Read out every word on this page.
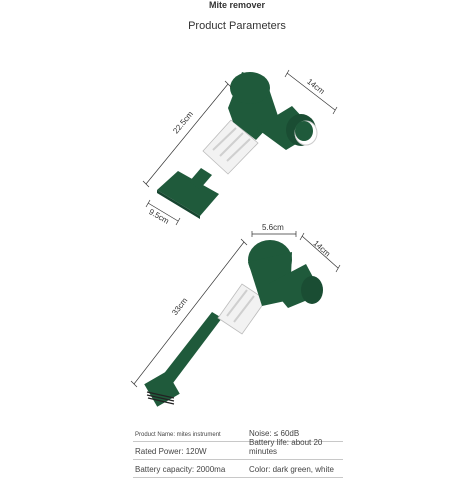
Mite remover
Product Parameters
22.5cm
14cm
9.5cm
33cm
5.6cm
14cm
Product Name: mites instrument	Noise: ≤ 60dB
Rated Power: 120W
Battery life: about 20 minutes
Battery capacity: 2000ma	Color: dark green, white
